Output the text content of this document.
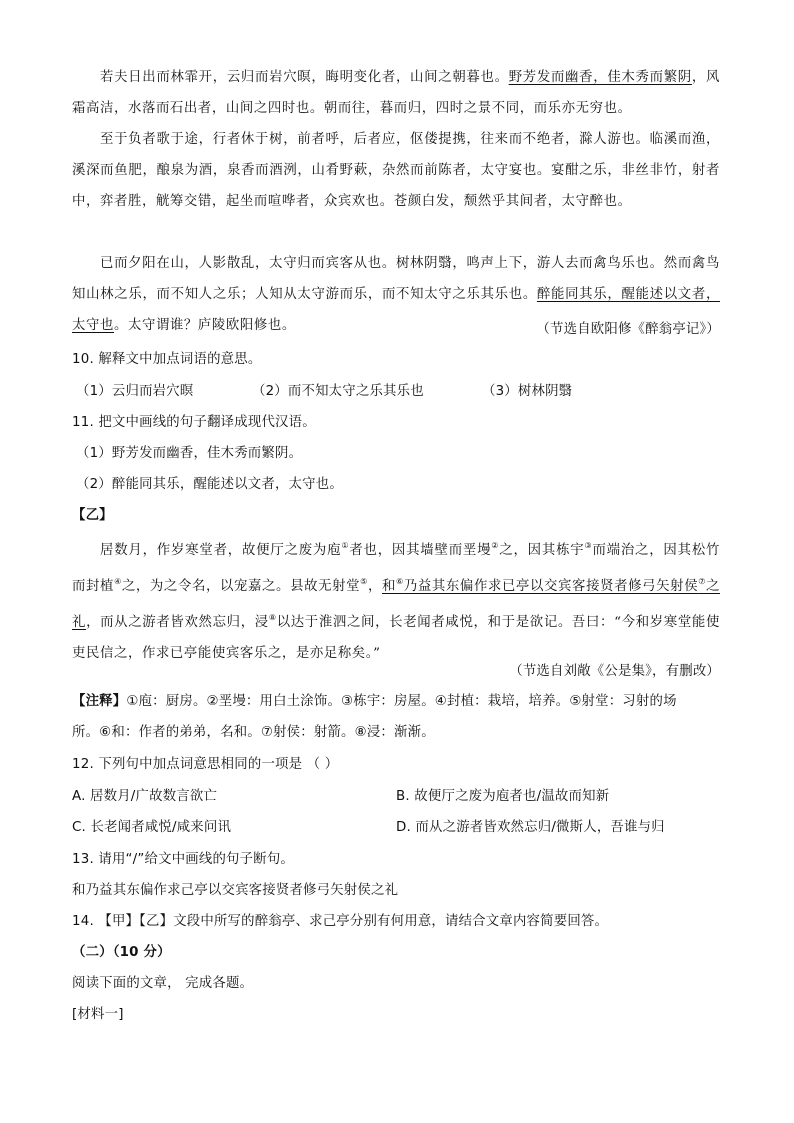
若夫日出而林霏开，云归而岩穴暝，晦明变化者，山间之朝暮也。野芳发而幽香，佳木秀而繁阴，风霜高洁，水落而石出者，山间之四时也。朝而往，暮而归，四时之景不同，而乐亦无穷也。

至于负者歌于途，行者休于树，前者呼，后者应，伛偻提携，往来而不绝者，滁人游也。临溪而渔，溪深而鱼肥，酿泉为酒，泉香而酒洌，山肴野蔌，杂然而前陈者，太守宴也。宴酣之乐，非丝非竹，射者中，弈者胜，觥筹交错，起坐而喧哗者，众宾欢也。苍颜白发，颓然乎其间者，太守醉也。

已而夕阳在山，人影散乱，太守归而宾客从也。树林阴翳，鸣声上下，游人去而禽鸟乐也。然而禽鸟知山林之乐，而不知人之乐；人知从太守游而乐，而不知太守之乐其乐也。醉能同其乐，醒能述以文者，太守也。太守谓谁？庐陵欧阳修也。	（节选自欧阳修《醉翁亭记》）

10. 解释文中加点词语的意思。

（1）云归而岩穴暝	（2）而不知太守之乐其乐也	（3）树林阴翳

11. 把文中画线的句子翻译成现代汉语。

（1）野芳发而幽香，佳木秀而繁阴。

（2）醉能同其乐，醒能述以文者，太守也。

【乙】

居数月，作岁寒堂者，故便厅之废为庖①者也，因其墙壁而垩墁②之，因其栋宇③而端治之，因其松竹而封植④之，为之令名，以宠嘉之。县故无射堂⑤，和⑥乃益其东偏作求已亭以交宾客接贤者修弓矢射侯⑦之礼，而从之游者皆欢然忘归，浸⑧以达于淮泗之间，长老闻者咸悦，和于是欲记。吾曰：“今和岁寒堂能使吏民信之，作求已亭能使宾客乐之，是亦足称矣。”

（节选自刘敞《公是集》，有删改）

【注释】①庖：厨房。②垩墁：用白土涂饰。③栋宇：房屋。④封植：栽培，培养。⑤射堂：习射的场

所。⑥和：作者的弟弟，名和。⑦射侯：射箭。⑧浸：渐渐。

12. 下列句中加点词意思相同的一项是 （ ）

A. 居数月/广故数言欲亡	B. 故便厅之废为庖者也/温故而知新

C. 长老闻者咸悦/咸来问讯	D. 而从之游者皆欢然忘归/微斯人，吾谁与归

13. 请用“/”给文中画线的句子断句。

和乃益其东偏作求己亭以交宾客接贤者修弓矢射侯之礼

14. 【甲】【乙】文段中所写的醉翁亭、求己亭分别有何用意，请结合文章内容简要回答。

（二）（10 分）

阅读下面的文章， 完成各题。

[材料一]
